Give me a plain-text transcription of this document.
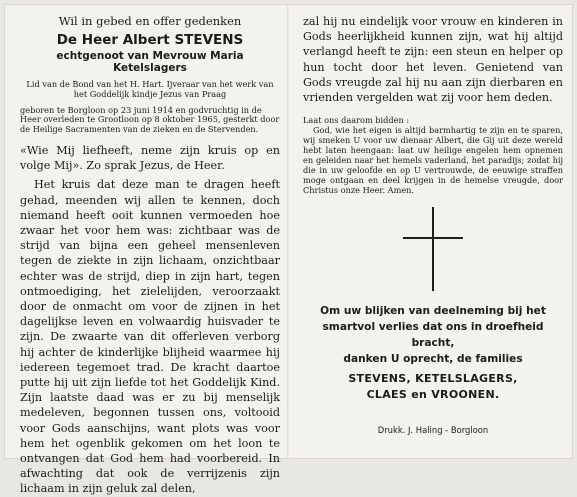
Wil in gebed en offer gedenken

De Heer Albert STEVENS

echtgenoot van Mevrouw Maria Ketelslagers

Lid van de Bond van het H. Hart. Ijveraar van het werk van het Goddelijk kindje Jezus van Praag

geboren te Borgloon op 23 juni 1914 en godvruchtig in de Heer overleden te Grootloon op 8 oktober 1965, gesterkt door de Heilige Sacramenten van de zieken en de Stervenden.

«Wie Mij liefheeft, neme zijn kruis op en volge Mij». Zo sprak Jezus, de Heer.

Het kruis dat deze man te dragen heeft gehad, meenden wij allen te kennen, doch niemand heeft ooit kunnen vermoeden hoe zwaar het voor hem was: zichtbaar was de strijd van bijna een geheel mensenleven tegen de ziekte in zijn lichaam, onzichtbaar echter was de strijd, diep in zijn hart, tegen ontmoediging, het zielelijden, veroorzaakt door de onmacht om voor de zijnen in het dagelijkse leven en volwaardig huisvader te zijn. De zwaarte van dit offerleven verborg hij achter de kinderlijke blijheid waarmee hij iedereen tegemoet trad. De kracht daartoe putte hij uit zijn liefde tot het Goddelijk Kind. Zijn laatste daad was er zu bij menselijk medeleven, begonnen tussen ons, voltooid voor Gods aanschijns, want plots was voor hem het ogenblik gekomen om het loon te ontvangen dat God hem had voorbereid. In afwachting dat ook de verrijzenis zijn lichaam in zijn geluk zal delen,

zal hij nu eindelijk voor vrouw en kinderen in Gods heerlijkheid kunnen zijn, wat hij altijd verlangd heeft te zijn: een steun en helper op hun tocht door het leven. Genietend van Gods vreugde zal hij nu aan zijn dierbaren en vrienden vergelden wat zij voor hem deden.

Laat ons daarom bidden :

God, wie het eigen is altijd barmhartig te zijn en te sparen, wij smeken U voor uw dienaar Albert, die Gij uit deze wereld hebt laten heengaan: laat uw heilige engelen hem opnemen en geleiden naar het hemels vaderland, het paradijs; zodat hij die in uw geloofde en op U vertrouwde, de eeuwige straffen moge ontgaan en deel krijgen in de hemelse vreugde, door Christus onze Heer. Amen.

Om uw blijken van deelneming bij het
smartvol verlies dat ons in droefheid bracht,
danken U oprecht, de families
STEVENS, KETELSLAGERS,
CLAES en VROONEN.
Drukk. J. Haling - Borgloon
